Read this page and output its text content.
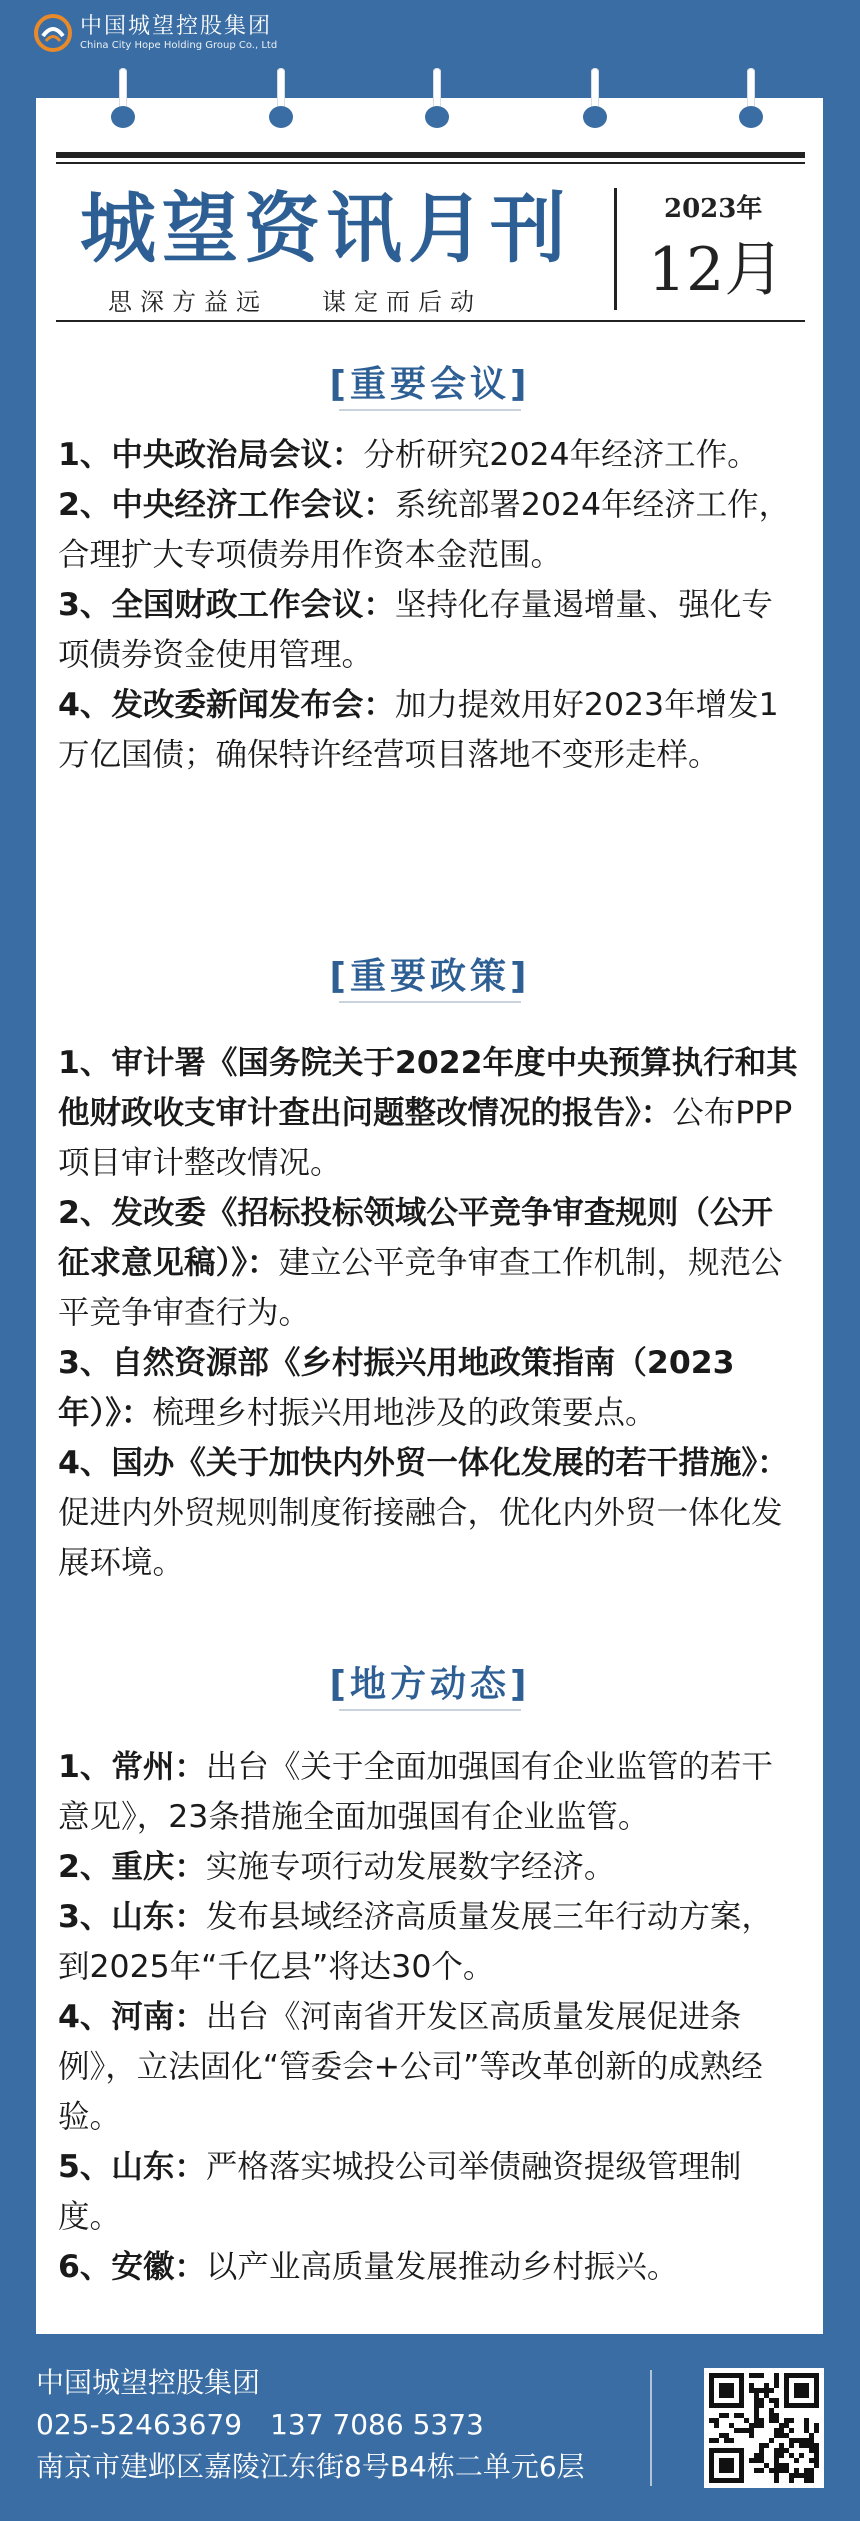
中国城望控股集团
China City Hope Holding Group Co., Ltd
城望资讯月刊
思深方益远 谋定而后动
2023年
12月
[重要会议]

1、中央政治局会议：分析研究2024年经济工作。

2、中央经济工作会议：系统部署2024年经济工作，合理扩大专项债券用作资本金范围。

3、全国财政工作会议：坚持化存量遏增量、强化专项债券资金使用管理。

4、发改委新闻发布会：加力提效用好2023年增发1万亿国债；确保特许经营项目落地不变形走样。

[重要政策]

1、审计署《国务院关于2022年度中央预算执行和其他财政收支审计查出问题整改情况的报告》：公布PPP项目审计整改情况。

2、发改委《招标投标领域公平竞争审查规则（公开征求意见稿）》：建立公平竞争审查工作机制，规范公平竞争审查行为。

3、自然资源部《乡村振兴用地政策指南（2023年）》：梳理乡村振兴用地涉及的政策要点。

4、国办《关于加快内外贸一体化发展的若干措施》：促进内外贸规则制度衔接融合，优化内外贸一体化发展环境。

[地方动态]

1、常州：出台《关于全面加强国有企业监管的若干意见》，23条措施全面加强国有企业监管。

2、重庆：实施专项行动发展数字经济。

3、山东：发布县域经济高质量发展三年行动方案，到2025年“千亿县”将达30个。

4、河南：出台《河南省开发区高质量发展促进条例》，立法固化“管委会+公司”等改革创新的成熟经验。

5、山东：严格落实城投公司举债融资提级管理制度。

6、安徽：以产业高质量发展推动乡村振兴。

中国城望控股集团
025-52463679　137 7086 5373
南京市建邺区嘉陵江东街8号B4栋二单元6层
